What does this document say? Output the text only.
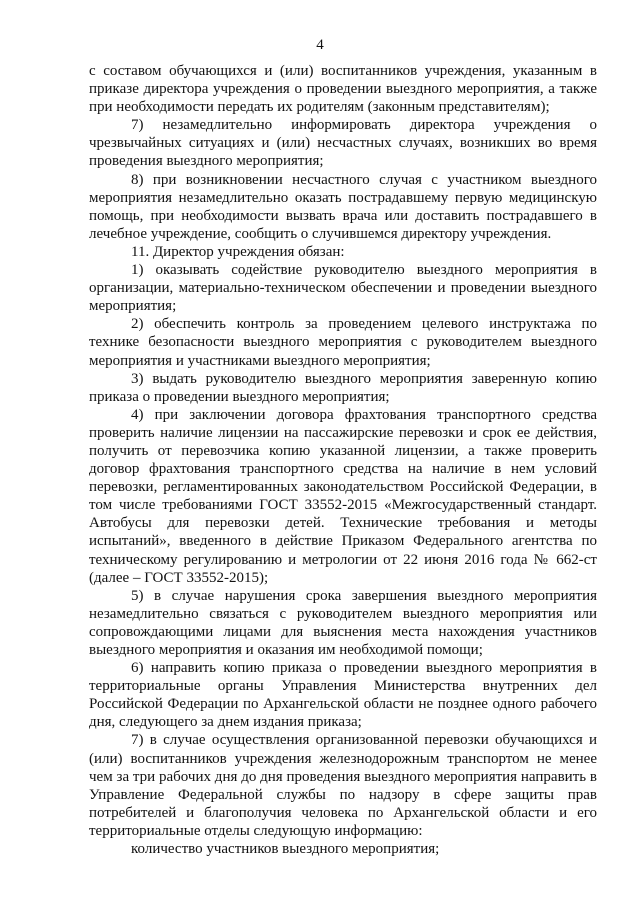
4

с составом обучающихся и (или) воспитанников учреждения, указанным в приказе директора учреждения о проведении выездного мероприятия, а также при необходимости передать их родителям (законным представителям);

7) незамедлительно информировать директора учреждения о чрезвычайных ситуациях и (или) несчастных случаях, возникших во время проведения выездного мероприятия;

8) при возникновении несчастного случая с участником выездного мероприятия незамедлительно оказать пострадавшему первую медицинскую помощь, при необходимости вызвать врача или доставить пострадавшего в лечебное учреждение, сообщить о случившемся директору учреждения.

11. Директор учреждения обязан:

1) оказывать содействие руководителю выездного мероприятия в организации, материально-техническом обеспечении и проведении выездного мероприятия;

2) обеспечить контроль за проведением целевого инструктажа по технике безопасности выездного мероприятия с руководителем выездного мероприятия и участниками выездного мероприятия;

3) выдать руководителю выездного мероприятия заверенную копию приказа о проведении выездного мероприятия;

4) при заключении договора фрахтования транспортного средства проверить наличие лицензии на пассажирские перевозки и срок ее действия, получить от перевозчика копию указанной лицензии, а также проверить договор фрахтования транспортного средства на наличие в нем условий перевозки, регламентированных законодательством Российской Федерации, в том числе требованиями ГОСТ 33552-2015 «Межгосударственный стандарт. Автобусы для перевозки детей. Технические требования и методы испытаний», введенного в действие Приказом Федерального агентства по техническому регулированию и метрологии от 22 июня 2016 года № 662-ст (далее – ГОСТ 33552-2015);

5) в случае нарушения срока завершения выездного мероприятия незамедлительно связаться с руководителем выездного мероприятия или сопровождающими лицами для выяснения места нахождения участников выездного мероприятия и оказания им необходимой помощи;

6) направить копию приказа о проведении выездного мероприятия в территориальные органы Управления Министерства внутренних дел Российской Федерации по Архангельской области не позднее одного рабочего дня, следующего за днем издания приказа;

7) в случае осуществления организованной перевозки обучающихся и (или) воспитанников учреждения железнодорожным транспортом не менее чем за три рабочих дня до дня проведения выездного мероприятия направить в Управление Федеральной службы по надзору в сфере защиты прав потребителей и благополучия человека по Архангельской области и его территориальные отделы следующую информацию:

количество участников выездного мероприятия;
